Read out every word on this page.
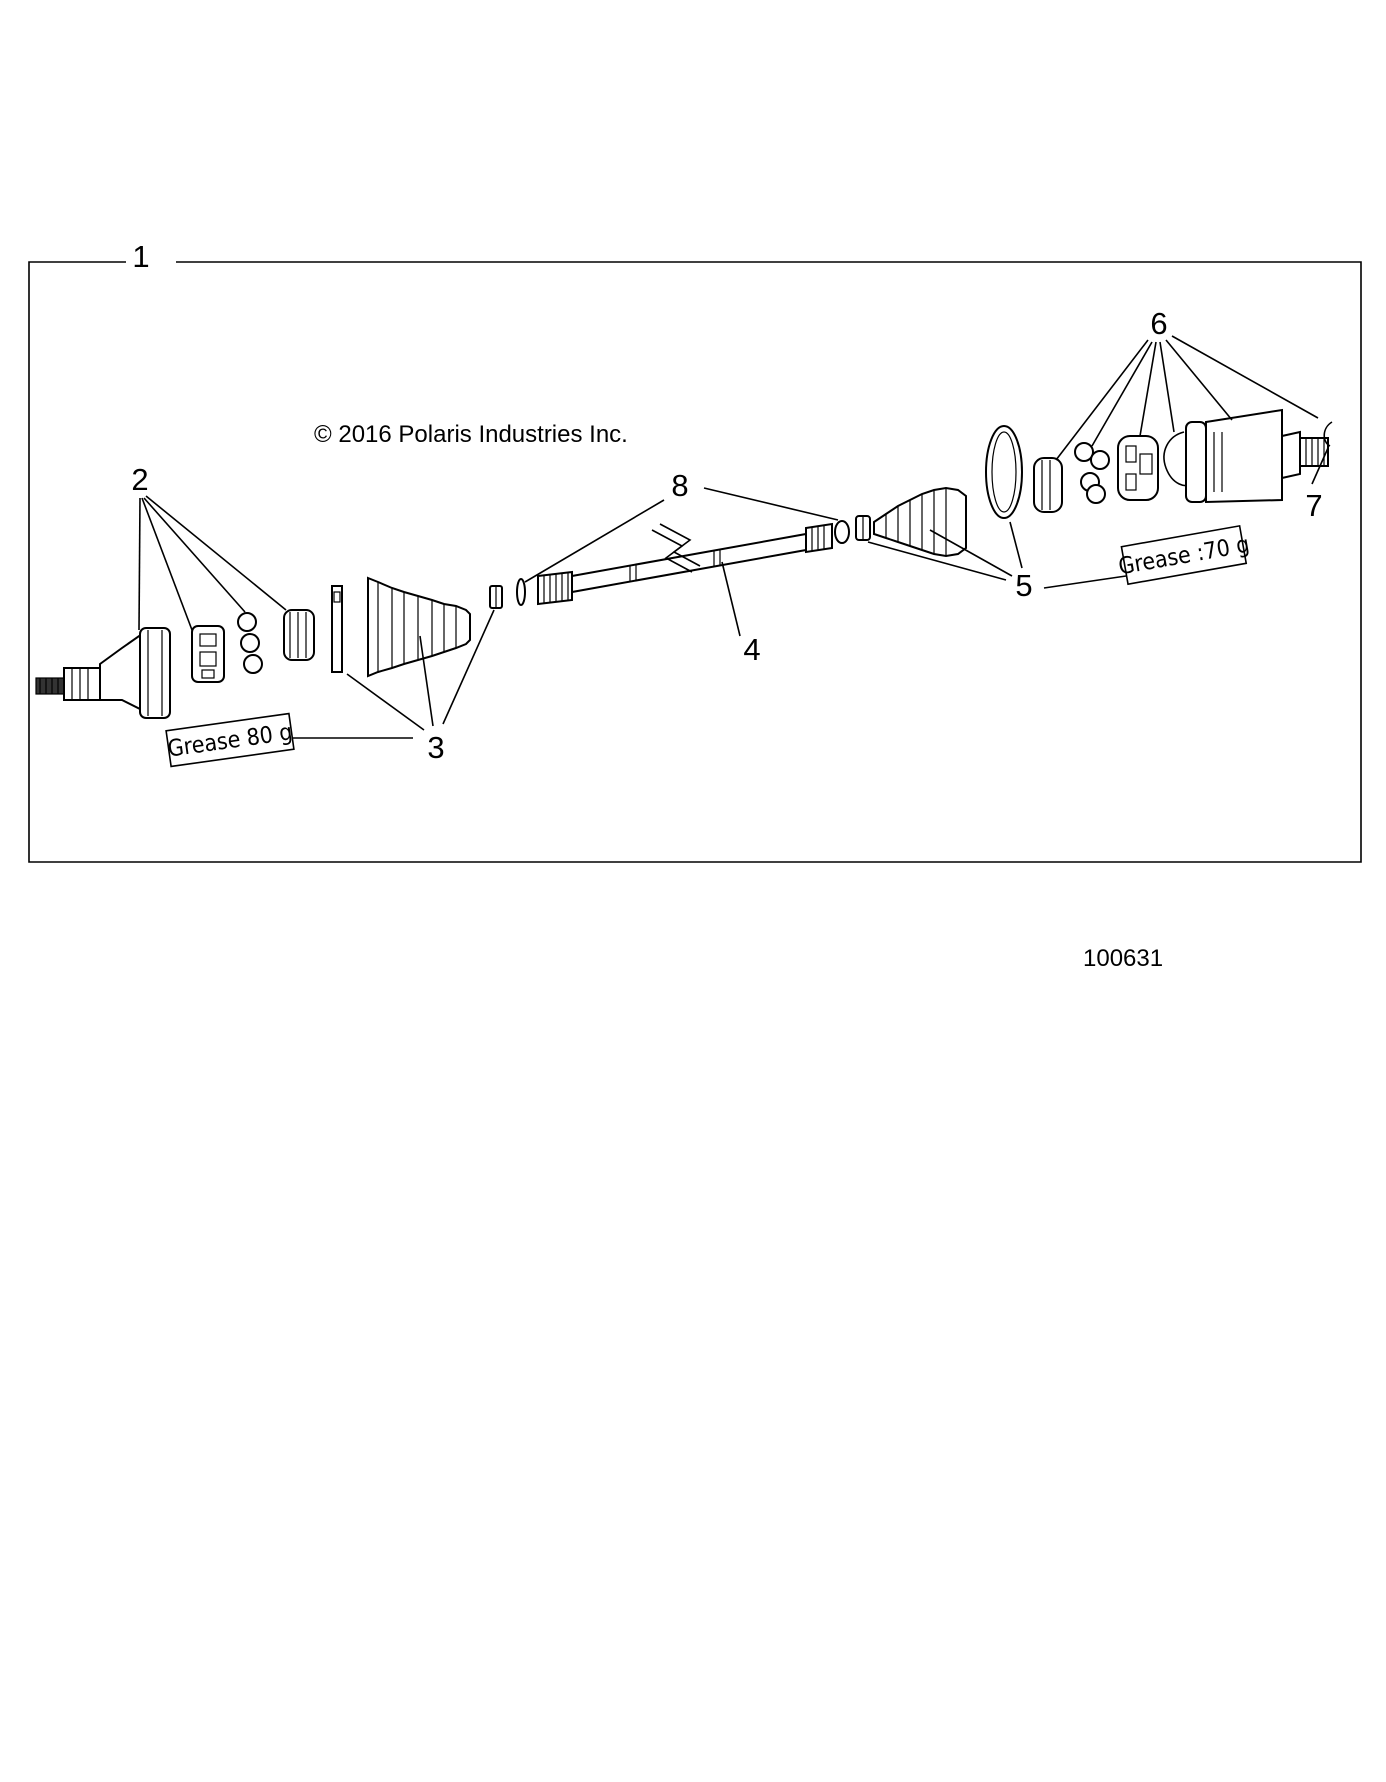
1
© 2016 Polaris Industries Inc.
2
3
Grease 80 g
4
8
5
Grease :70 g
6
7
100631
